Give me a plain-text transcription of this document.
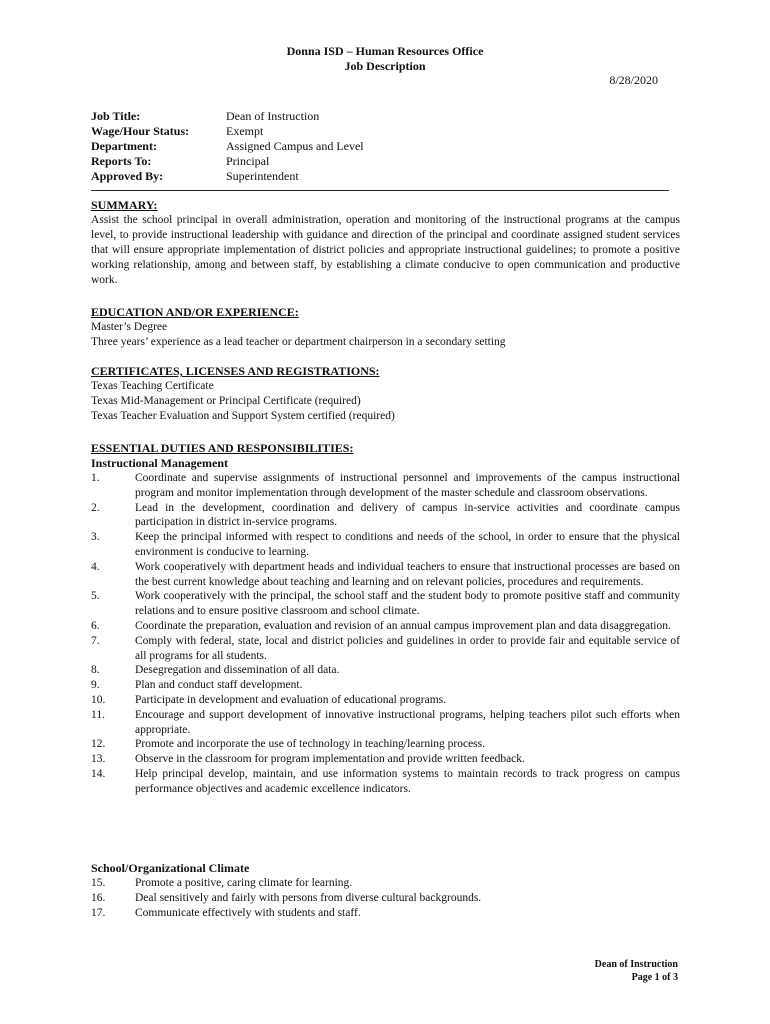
Donna ISD – Human Resources Office
Job Description
8/28/2020
Job Title:	Dean of Instruction
Wage/Hour Status:	Exempt
Department:	Assigned Campus and Level
Reports To:	Principal
Approved By:	Superintendent
SUMMARY:
Assist the school principal in overall administration, operation and monitoring of the instructional programs at the campus level, to provide instructional leadership with guidance and direction of the principal and coordinate assigned student services that will ensure appropriate implementation of district policies and appropriate instructional guidelines; to promote a positive working relationship, among and between staff, by establishing a climate conducive to open communication and productive work.
EDUCATION AND/OR EXPERIENCE:
Master’s Degree
Three years’ experience as a lead teacher or department chairperson in a secondary setting
CERTIFICATES, LICENSES AND REGISTRATIONS:
Texas Teaching Certificate
Texas Mid-Management or Principal Certificate (required)
Texas Teacher Evaluation and Support System certified (required)
ESSENTIAL DUTIES AND RESPONSIBILITIES:
Instructional Management
1.	Coordinate and supervise assignments of instructional personnel and improvements of the campus instructional program and monitor implementation through development of the master schedule and classroom observations.
2.	Lead in the development, coordination and delivery of campus in-service activities and coordinate campus participation in district in-service programs.
3.	Keep the principal informed with respect to conditions and needs of the school, in order to ensure that the physical environment is conducive to learning.
4.	Work cooperatively with department heads and individual teachers to ensure that instructional processes are based on the best current knowledge about teaching and learning and on relevant policies, procedures and requirements.
5.	Work cooperatively with the principal, the school staff and the student body to promote positive staff and community relations and to ensure positive classroom and school climate.
6.	Coordinate the preparation, evaluation and revision of an annual campus improvement plan and data disaggregation.
7.	Comply with federal, state, local and district policies and guidelines in order to provide fair and equitable service of all programs for all students.
8.	Desegregation and dissemination of all data.
9.	Plan and conduct staff development.
10.	Participate in development and evaluation of educational programs.
11.	Encourage and support development of innovative instructional programs, helping teachers pilot such efforts when appropriate.
12.	Promote and incorporate the use of technology in teaching/learning process.
13.	Observe in the classroom for program implementation and provide written feedback.
14.	Help principal develop, maintain, and use information systems to maintain records to track progress on campus performance objectives and academic excellence indicators.
School/Organizational Climate
15.	Promote a positive, caring climate for learning.
16.	Deal sensitively and fairly with persons from diverse cultural backgrounds.
17.	Communicate effectively with students and staff.
Dean of Instruction
Page 1 of 3
